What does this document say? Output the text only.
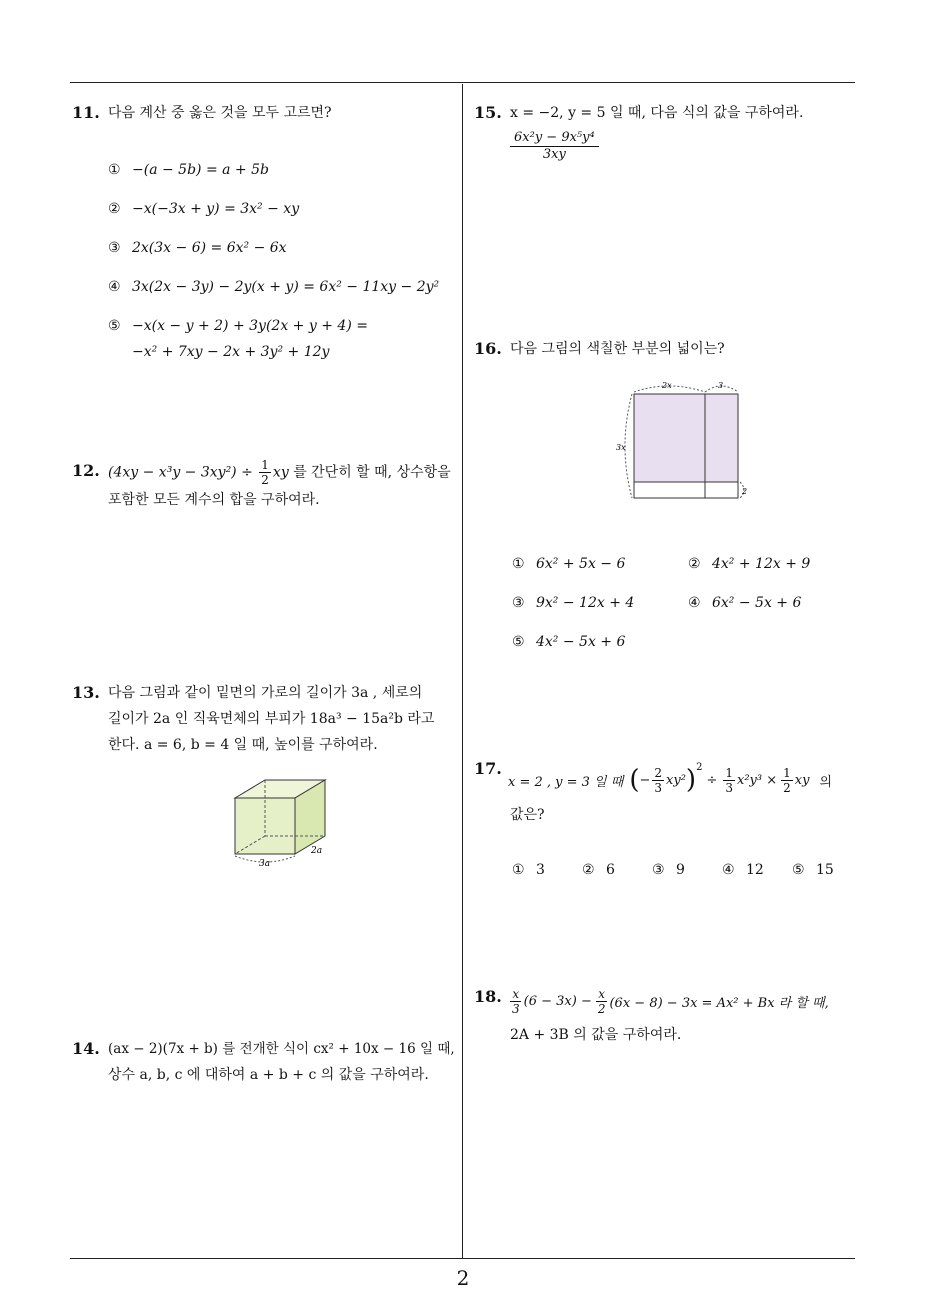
11. 다음 계산 중 옳은 것을 모두 고르면?
① −(a − 5b) = a + 5b
② −x(−3x + y) = 3x² − xy
③ 2x(3x − 6) = 6x² − 6x
④ 3x(2x − 3y) − 2y(x + y) = 6x² − 11xy − 2y²
⑤ −x(x − y + 2) + 3y(2x + y + 4) =
−x² + 7xy − 2x + 3y² + 12y
12. $(4xy - x^3y - 3xy^2) \div \frac{1}{2}$ xy 를 간단히 할 때, 상수항을
포함한 모든 계수의 합을 구하여라.
13. 다음 그림과 같이 밑면의 가로의 길이가 3a , 세로의
길이가 2a 인 직육면체의 부피가 18a³ − 15a²b 라고
한다. a = 6, b = 4 일 때, 높이를 구하여라.
3a
2a
14. (ax − 2)(7x + b) 를 전개한 식이 cx² + 10x − 16 일 때,
상수 a, b, c 에 대하여 a + b + c 의 값을 구하여라.
15. x = −2, y = 5 일 때, 다음 식의 값을 구하여라.
$\frac{\text{6x²y − 9x⁵y⁴}}{3xy}$
16. 다음 그림의 색칠한 부분의 넓이는?
2x	3
3x
2
① 6x² + 5x − 6	② 4x² + 12x + 9
③ 9x² − 12x + 4	④ 6x² − 5x + 6
⑤ 4x² − 5x + 6
17.
x = 2 , y = 3 일 때 ( − $\frac{2}{3} xy^2$ )$^2$
÷ $\frac{1}{3} x^2y^3 \times \frac{1}{2}$ xy 의
값은?
① 3	② 6	③ 9	④ 12 ⑤ 15
18. $\frac{x}{3} (6 - 3x) - \frac{x}{2} (6x - 8) - 3x = Ax^2 + Bx$ 라 할 때,
2A + 3B 의 값을 구하여라.
2
